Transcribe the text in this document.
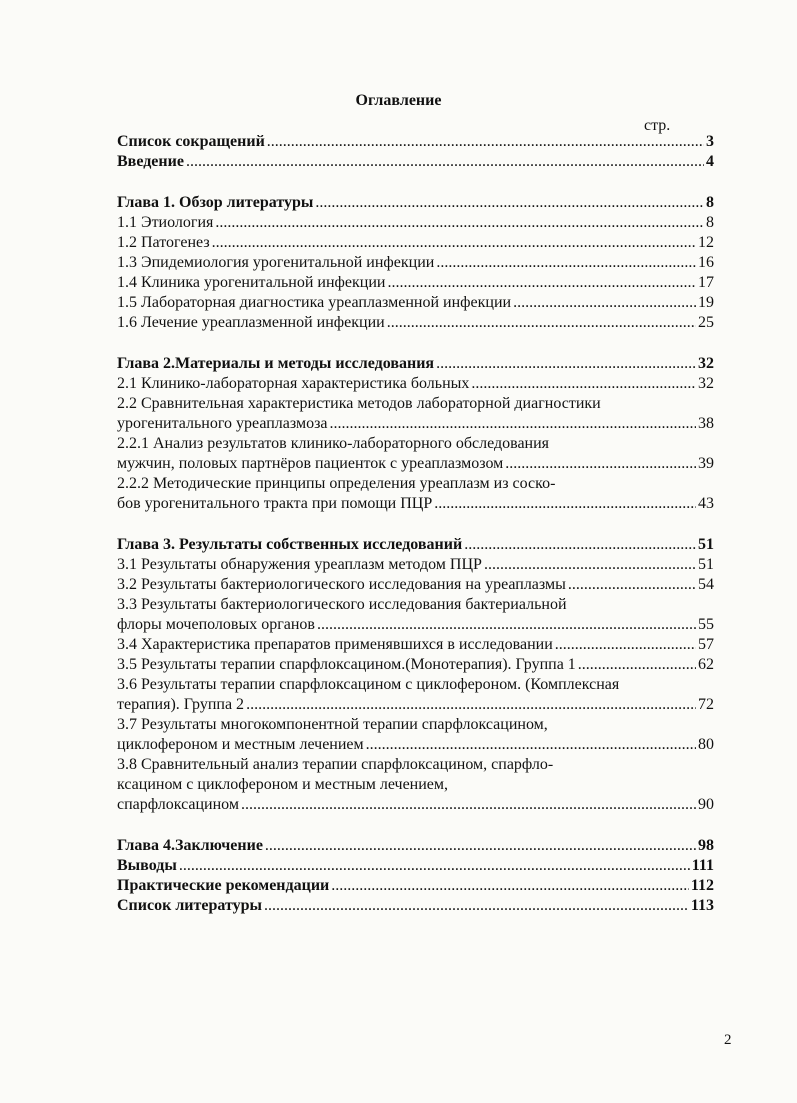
Оглавление
стр.
Список сокращений . . .	3
Введение . . .	4
Глава 1. Обзор литературы . . .	8
1.1 Этиология . . .	8
1.2 Патогенез . . .	12
1.3 Эпидемиология урогенитальной инфекции . . .	16
1.4 Клиника урогенитальной инфекции . . .	17
1.5 Лабораторная диагностика уреаплазменной инфекции . . .	19
1.6 Лечение уреаплазменной инфекции . . .	25
Глава 2.Материалы и методы исследования . . .	32
2.1 Клинико-лабораторная характеристика больных . . .	32
2.2 Сравнительная характеристика методов лабораторной диагностики
урогенитального уреаплазмоза . . .	38
2.2.1 Анализ результатов клинико-лабораторного обследования
мужчин, половых партнёров пациенток с уреаплазмозом . . .	39
2.2.2 Методические принципы определения уреаплазм из соско-
бов урогенитального тракта при помощи ПЦР . . .	43
Глава 3. Результаты собственных исследований . . .	51
3.1 Результаты обнаружения уреаплазм методом ПЦР . . .	51
3.2 Результаты бактериологического исследования на уреаплазмы . . .	54
3.3 Результаты бактериологического исследования бактериальной
флоры мочеполовых органов . . .	55
3.4 Характеристика препаратов применявшихся в исследовании . . .	57
3.5 Результаты терапии спарфлоксацином.(Монотерапия). Группа 1 . . .	62
3.6 Результаты терапии спарфлоксацином с циклофероном. (Комплексная
терапия). Группа 2 . . .	72
3.7 Результаты многокомпонентной терапии спарфлоксацином,
циклофероном и местным лечением . . .	80
3.8 Сравнительный анализ терапии спарфлоксацином, спарфло-
ксацином с циклофероном и местным лечением,
спарфлоксацином . . .	90
Глава 4.Заключение . . .	98
Выводы . . .	111
Практические рекомендации . . .	112
Список литературы . . .	113
2
